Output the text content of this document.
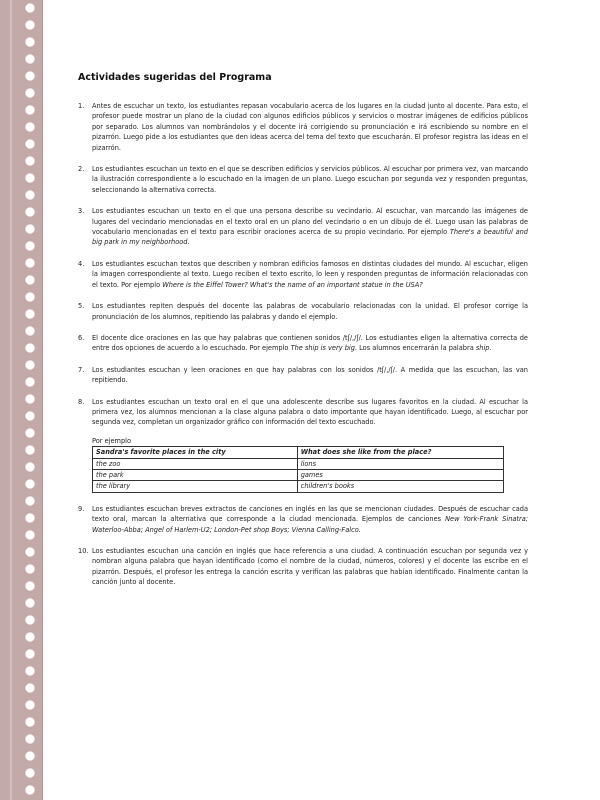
Actividades sugeridas del Programa
1. Antes de escuchar un texto, los estudiantes repasan vocabulario acerca de los lugares en la ciudad junto al docente. Para esto, el profesor puede mostrar un plano de la ciudad con algunos edificios públicos y servicios o mostrar imágenes de edificios públicos por separado. Los alumnos van nombrándolos y el docente irá corrigiendo su pronunciación e irá escribiendo su nombre en el pizarrón. Luego pide a los estudiantes que den ideas acerca del tema del texto que escucharán. El profesor registra las ideas en el pizarrón.
2. Los estudiantes escuchan un texto en el que se describen edificios y servicios públicos. Al escuchar por primera vez, van marcando la ilustración correspondiente a lo escuchado en la imagen de un plano. Luego escuchan por segunda vez y responden preguntas, seleccionando la alternativa correcta.
3. Los estudiantes escuchan un texto en el que una persona describe su vecindario. Al escuchar, van marcando las imágenes de lugares del vecindario mencionadas en el texto oral en un plano del vecindario o en un dibujo de él. Luego usan las palabras de vocabulario mencionadas en el texto para escribir oraciones acerca de su propio vecindario. Por ejemplo There's a beautiful and big park in my neighborhood.
4. Los estudiantes escuchan textos que describen y nombran edificios famosos en distintas ciudades del mundo. Al escuchar, eligen la imagen correspondiente al texto. Luego reciben el texto escrito, lo leen y responden preguntas de información relacionadas con el texto. Por ejemplo Where is the Eiffel Tower? What's the name of an important statue in the USA?
5. Los estudiantes repiten después del docente las palabras de vocabulario relacionadas con la unidad. El profesor corrige la pronunciación de los alumnos, repitiendo las palabras y dando el ejemplo.
6. El docente dice oraciones en las que hay palabras que contienen sonidos /tʃ/,/ʃ/. Los estudiantes eligen la alternativa correcta de entre dos opciones de acuerdo a lo escuchado. Por ejemplo The ship is very big. Los alumnos encerrarán la palabra ship.
7. Los estudiantes escuchan y leen oraciones en que hay palabras con los sonidos /tʃ/,/ʃ/. A medida que las escuchan, las van repitiendo.
8. Los estudiantes escuchan un texto oral en el que una adolescente describe sus lugares favoritos en la ciudad. Al escuchar la primera vez, los alumnos mencionan a la clase alguna palabra o dato importante que hayan identificado. Luego, al escuchar por segunda vez, completan un organizador gráfico con información del texto escuchado.
Por ejemplo
Sandra's favorite places in the city	What does she like from the place?
the zoo	lions
the park	games
the library	children's books
9. Los estudiantes escuchan breves extractos de canciones en inglés en las que se mencionan ciudades. Después de escuchar cada texto oral, marcan la alternativa que corresponde a la ciudad mencionada. Ejemplos de canciones New York-Frank Sinatra; Waterloo-Abba; Angel of Harlem-U2; London-Pet shop Boys; Vienna Calling-Falco.
10. Los estudiantes escuchan una canción en inglés que hace referencia a una ciudad. A continuación escuchan por segunda vez y nombran alguna palabra que hayan identificado (como el nombre de la ciudad, números, colores) y el docente las escribe en el pizarrón. Después, el profesor les entrega la canción escrita y verifican las palabras que habían identificado. Finalmente cantan la canción junto al docente.
